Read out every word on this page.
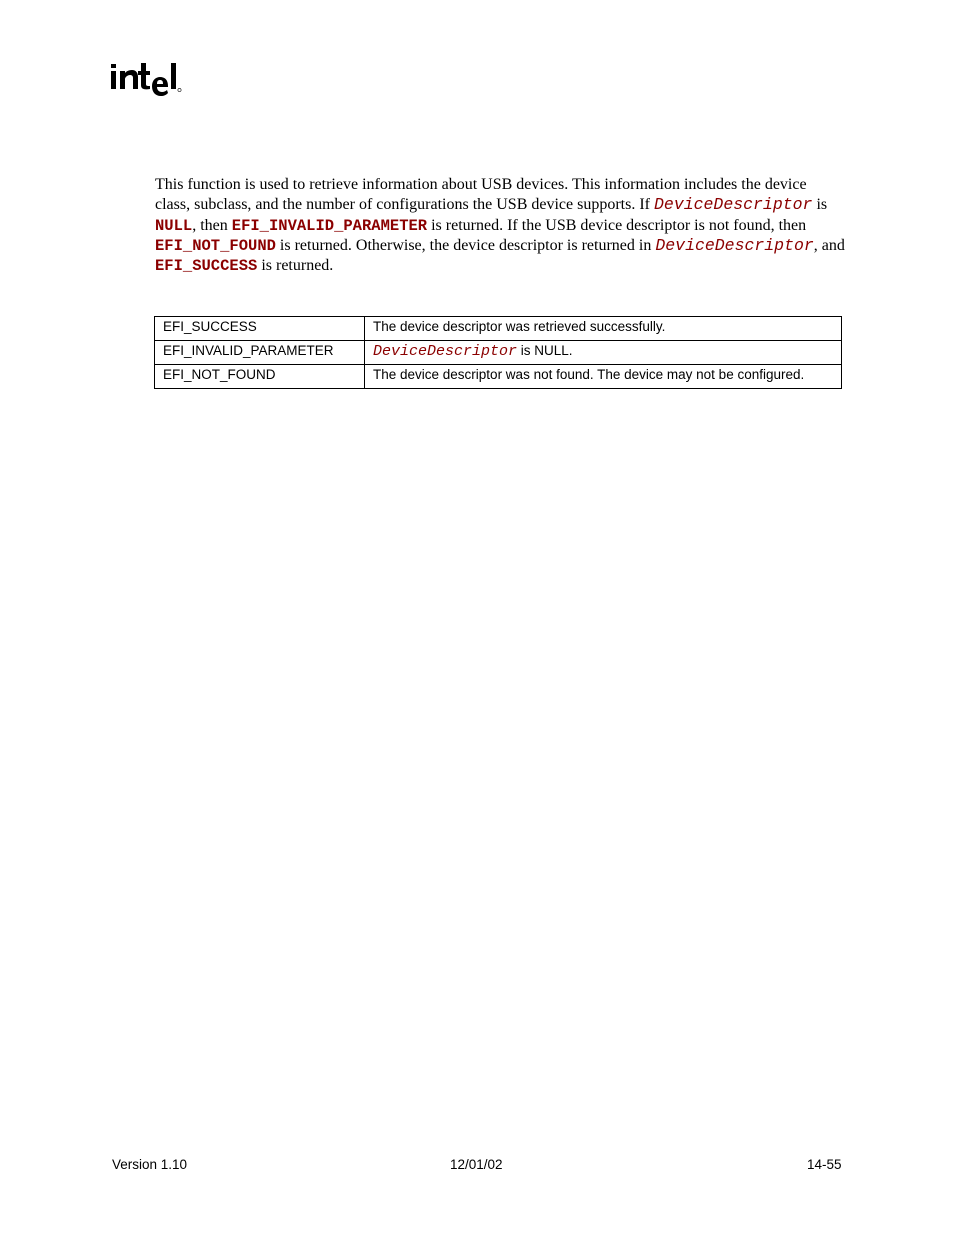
This function is used to retrieve information about USB devices. This information includes the device class, subclass, and the number of configurations the USB device supports. If DeviceDescriptor is NULL, then EFI_INVALID_PARAMETER is returned. If the USB device descriptor is not found, then EFI_NOT_FOUND is returned. Otherwise, the device descriptor is returned in DeviceDescriptor, and EFI_SUCCESS is returned.
EFI_SUCCESS	The device descriptor was retrieved successfully.
EFI_INVALID_PARAMETER	DeviceDescriptor is NULL.
EFI_NOT_FOUND	The device descriptor was not found. The device may not be configured.
Version 1.10	12/01/02	14-55
